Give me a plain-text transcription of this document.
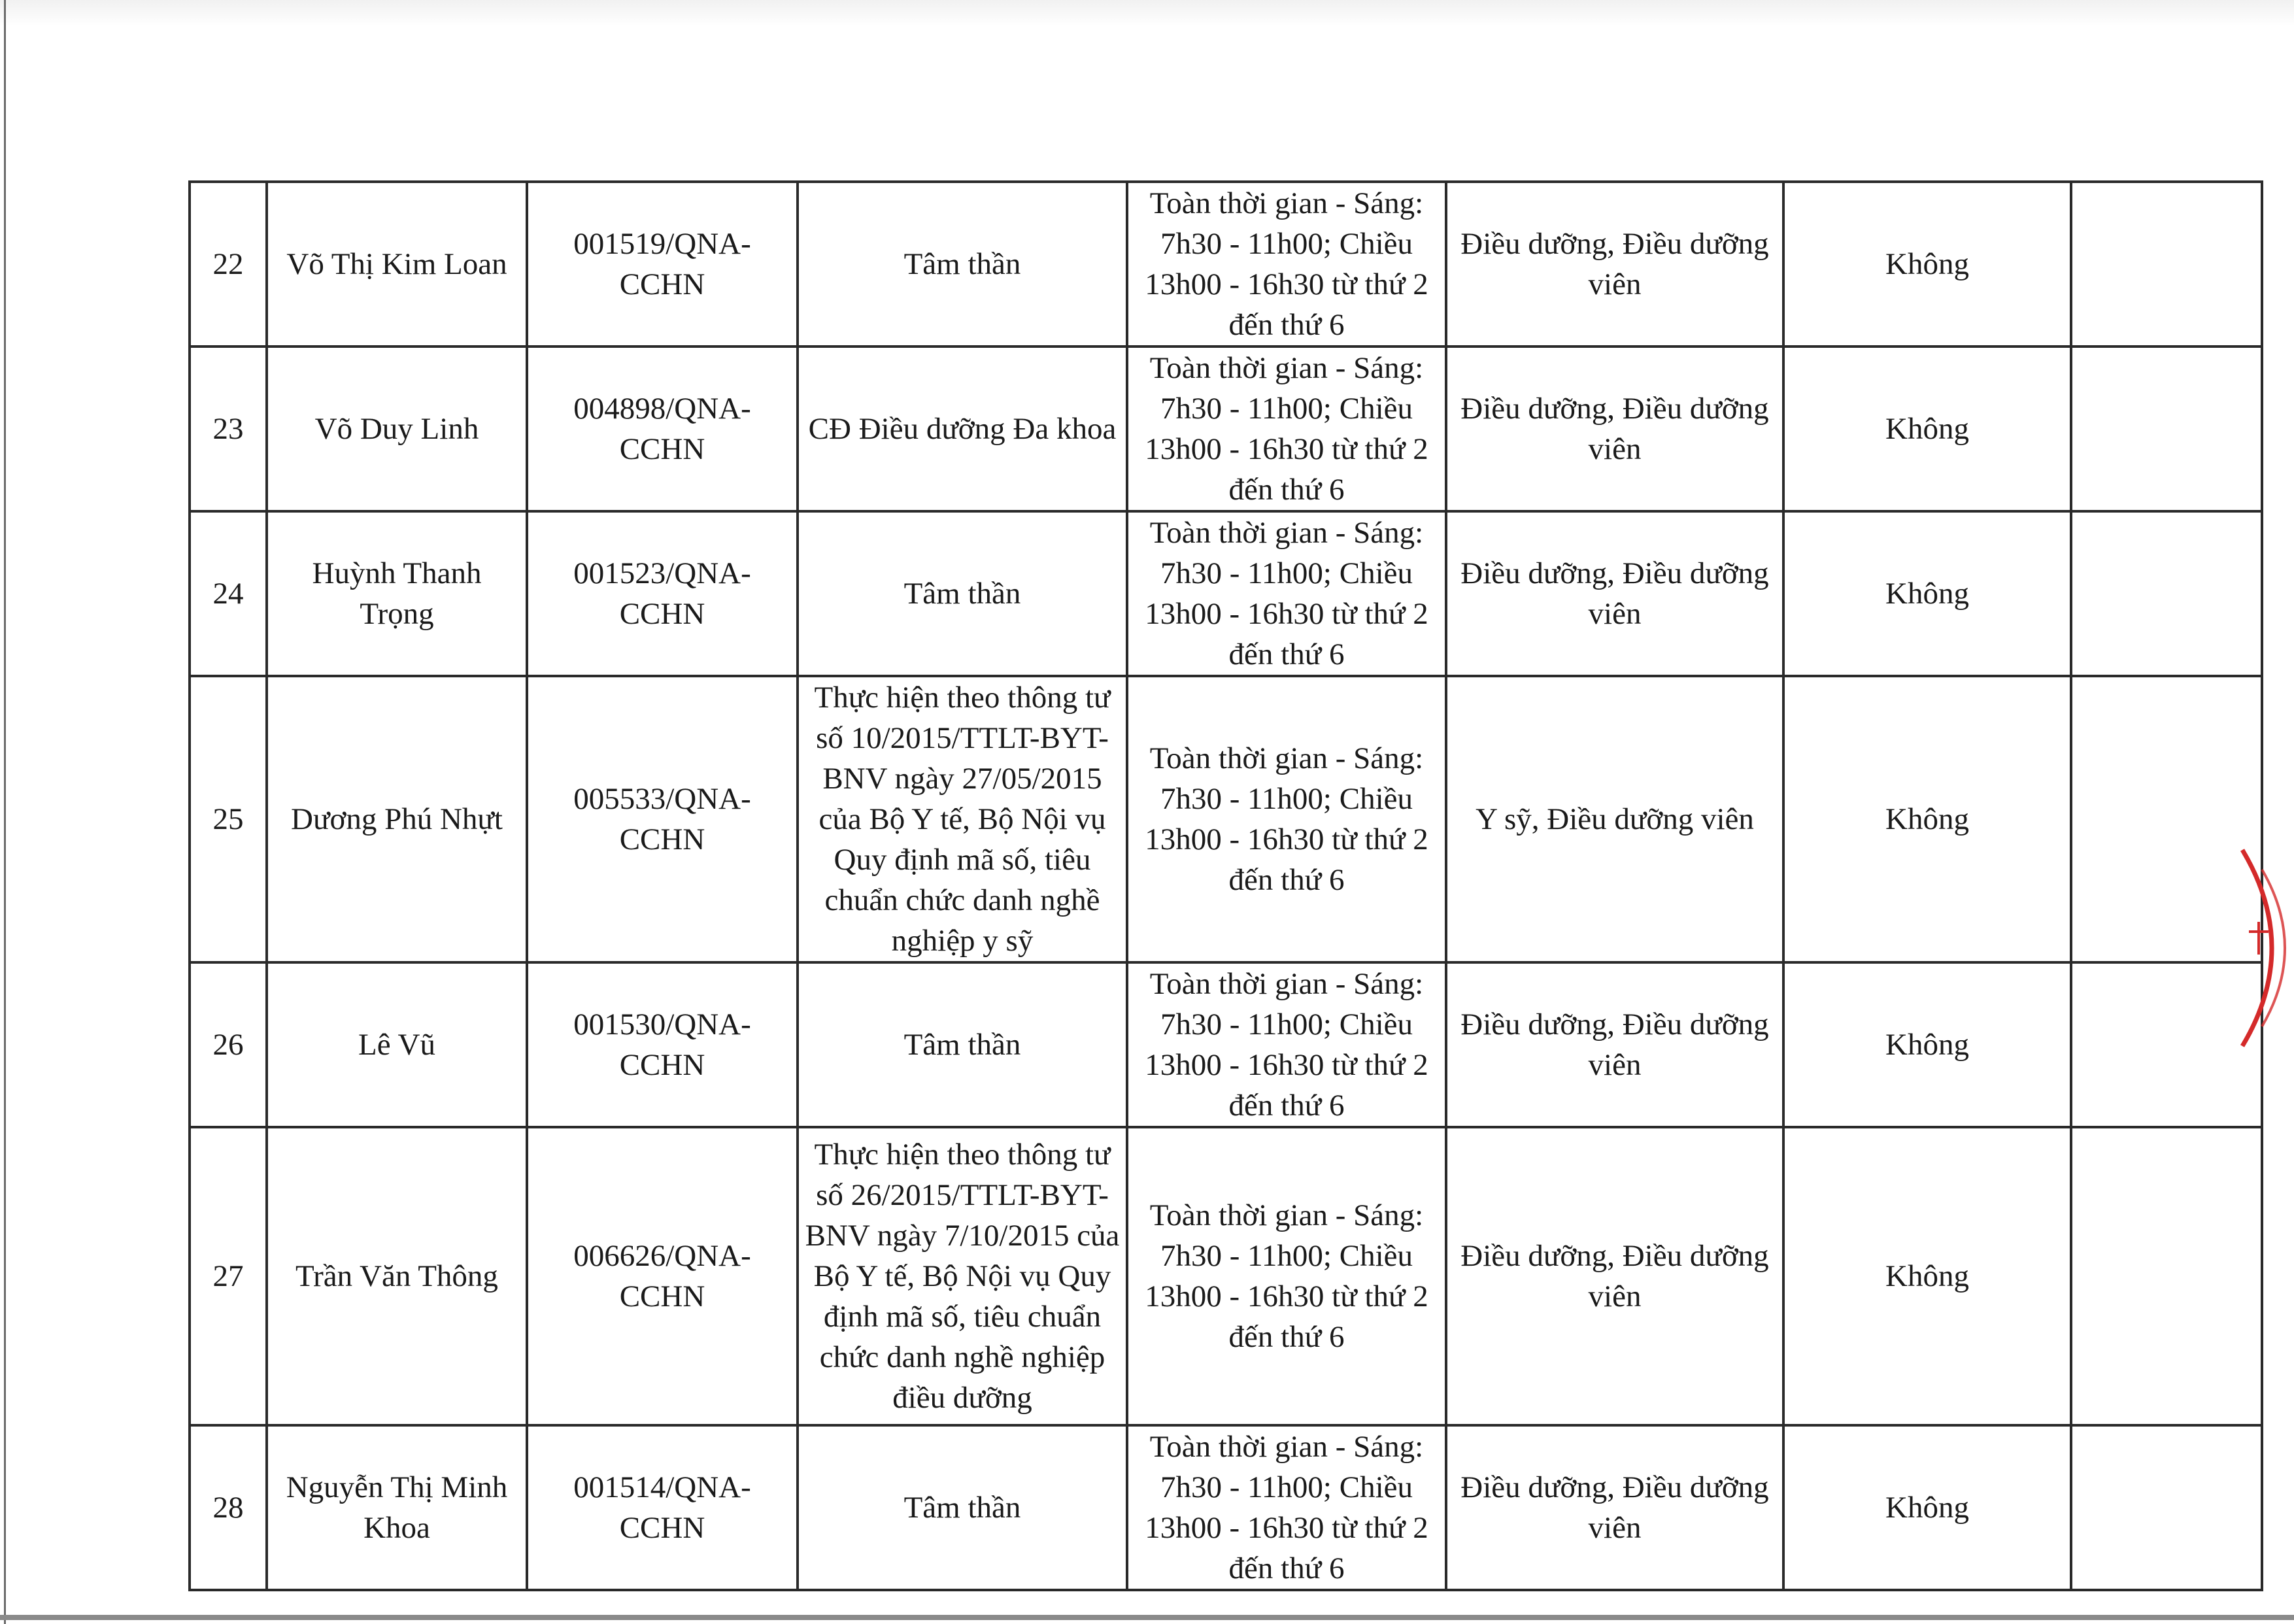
22	Võ Thị Kim Loan	001519/QNA-CCHN	Tâm thần	Toàn thời gian - Sáng: 7h30 - 11h00; Chiều 13h00 - 16h30 từ thứ 2 đến thứ 6	Điều dưỡng, Điều dưỡng viên	Không	
23	Võ Duy Linh	004898/QNA-CCHN	CĐ Điều dưỡng Đa khoa	Toàn thời gian - Sáng: 7h30 - 11h00; Chiều 13h00 - 16h30 từ thứ 2 đến thứ 6	Điều dưỡng, Điều dưỡng viên	Không	
24	Huỳnh Thanh Trọng	001523/QNA-CCHN	Tâm thần	Toàn thời gian - Sáng: 7h30 - 11h00; Chiều 13h00 - 16h30 từ thứ 2 đến thứ 6	Điều dưỡng, Điều dưỡng viên	Không	
25	Dương Phú Nhựt	005533/QNA-CCHN	Thực hiện theo thông tư số 10/2015/TTLT-BYT-BNV ngày 27/05/2015 của Bộ Y tế, Bộ Nội vụ Quy định mã số, tiêu chuẩn chức danh nghề nghiệp y sỹ	Toàn thời gian - Sáng: 7h30 - 11h00; Chiều 13h00 - 16h30 từ thứ 2 đến thứ 6	Y sỹ, Điều dưỡng viên	Không	
26	Lê Vũ	001530/QNA-CCHN	Tâm thần	Toàn thời gian - Sáng: 7h30 - 11h00; Chiều 13h00 - 16h30 từ thứ 2 đến thứ 6	Điều dưỡng, Điều dưỡng viên	Không	
27	Trần Văn Thông	006626/QNA-CCHN	Thực hiện theo thông tư số 26/2015/TTLT-BYT-BNV ngày 7/10/2015 của Bộ Y tế, Bộ Nội vụ Quy định mã số, tiêu chuẩn chức danh nghề nghiệp điều dưỡng	Toàn thời gian - Sáng: 7h30 - 11h00; Chiều 13h00 - 16h30 từ thứ 2 đến thứ 6	Điều dưỡng, Điều dưỡng viên	Không	
28	Nguyễn Thị Minh Khoa	001514/QNA-CCHN	Tâm thần	Toàn thời gian - Sáng: 7h30 - 11h00; Chiều 13h00 - 16h30 từ thứ 2 đến thứ 6	Điều dưỡng, Điều dưỡng viên	Không	
